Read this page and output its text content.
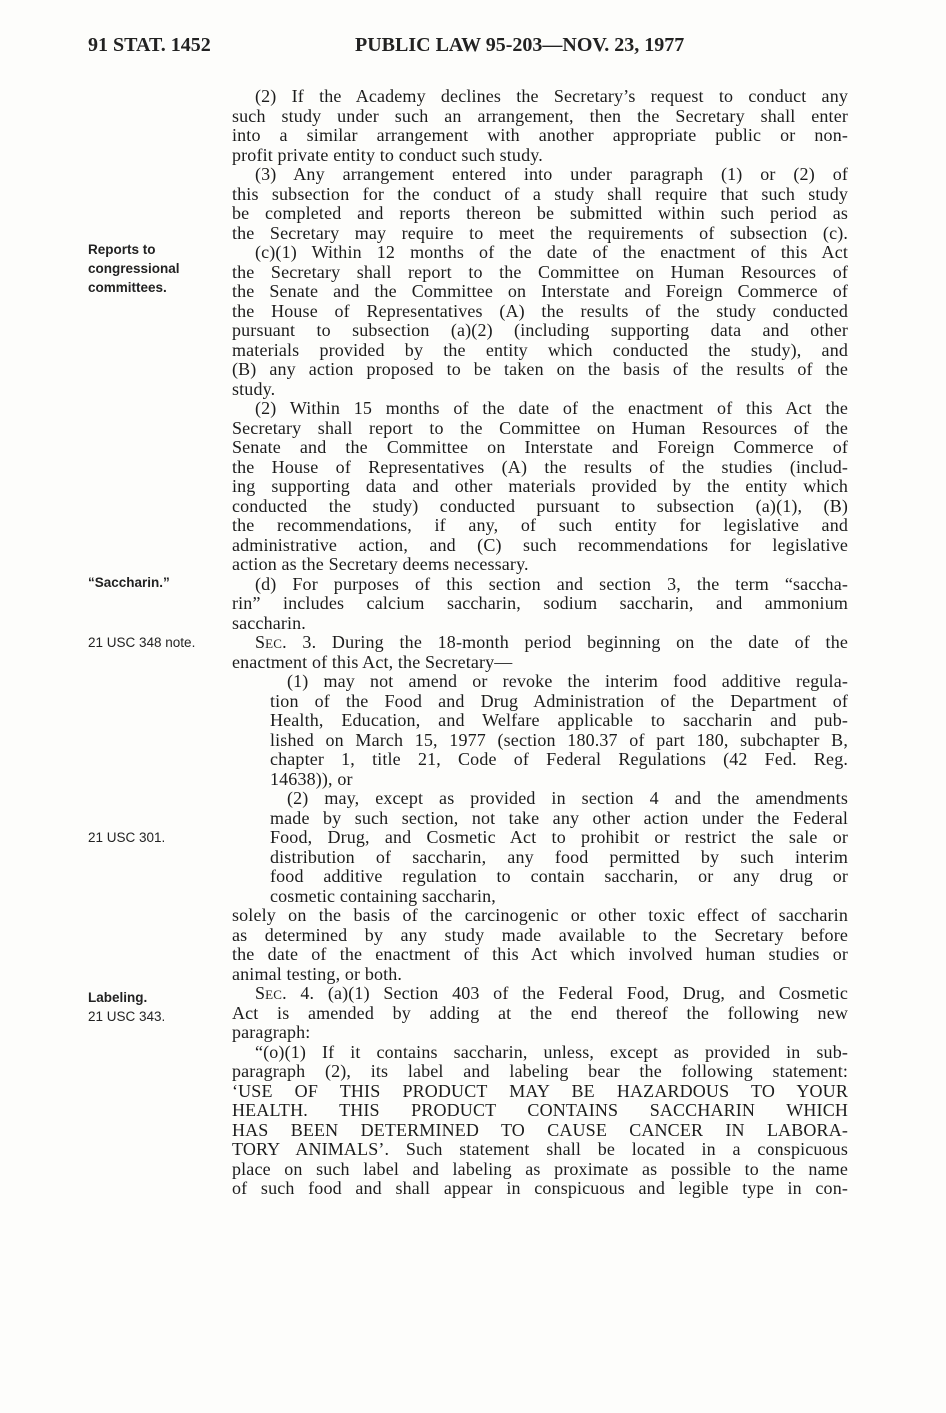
91 STAT. 1452	PUBLIC LAW 95-203—NOV. 23, 1977
Reports to
congressional
committees.
“Saccharin.”
21 USC 348 note.
21 USC 301.
Labeling.
21 USC 343.
(2) If the Academy declines the Secretary’s request to conduct any
such study under such an arrangement, then the Secretary shall enter
into a similar arrangement with another appropriate public or non-
profit private entity to conduct such study.
(3) Any arrangement entered into under paragraph (1) or (2) of
this subsection for the conduct of a study shall require that such study
be completed and reports thereon be submitted within such period as
the Secretary may require to meet the requirements of subsection (c).
(c)(1) Within 12 months of the date of the enactment of this Act
the Secretary shall report to the Committee on Human Resources of
the Senate and the Committee on Interstate and Foreign Commerce of
the House of Representatives (A) the results of the study conducted
pursuant to subsection (a)(2) (including supporting data and other
materials provided by the entity which conducted the study), and
(B) any action proposed to be taken on the basis of the results of the
study.
(2) Within 15 months of the date of the enactment of this Act the
Secretary shall report to the Committee on Human Resources of the
Senate and the Committee on Interstate and Foreign Commerce of
the House of Representatives (A) the results of the studies (includ-
ing supporting data and other materials provided by the entity which
conducted the study) conducted pursuant to subsection (a)(1), (B)
the recommendations, if any, of such entity for legislative and
administrative action, and (C) such recommendations for legislative
action as the Secretary deems necessary.
(d) For purposes of this section and section 3, the term “saccha-
rin” includes calcium saccharin, sodium saccharin, and ammonium
saccharin.
Sec. 3. During the 18-month period beginning on the date of the
enactment of this Act, the Secretary—
(1) may not amend or revoke the interim food additive regula-
tion of the Food and Drug Administration of the Department of
Health, Education, and Welfare applicable to saccharin and pub-
lished on March 15, 1977 (section 180.37 of part 180, subchapter B,
chapter 1, title 21, Code of Federal Regulations (42 Fed. Reg.
14638)), or
(2) may, except as provided in section 4 and the amendments
made by such section, not take any other action under the Federal
Food, Drug, and Cosmetic Act to prohibit or restrict the sale or
distribution of saccharin, any food permitted by such interim
food additive regulation to contain saccharin, or any drug or
cosmetic containing saccharin,
solely on the basis of the carcinogenic or other toxic effect of saccharin
as determined by any study made available to the Secretary before
the date of the enactment of this Act which involved human studies or
animal testing, or both.
Sec. 4. (a)(1) Section 403 of the Federal Food, Drug, and Cosmetic
Act is amended by adding at the end thereof the following new
paragraph:
“(o)(1) If it contains saccharin, unless, except as provided in sub-
paragraph (2), its label and labeling bear the following statement:
‘USE OF THIS PRODUCT MAY BE HAZARDOUS TO YOUR
HEALTH. THIS PRODUCT CONTAINS SACCHARIN WHICH
HAS BEEN DETERMINED TO CAUSE CANCER IN LABORA-
TORY ANIMALS’. Such statement shall be located in a conspicuous
place on such label and labeling as proximate as possible to the name
of such food and shall appear in conspicuous and legible type in con-
